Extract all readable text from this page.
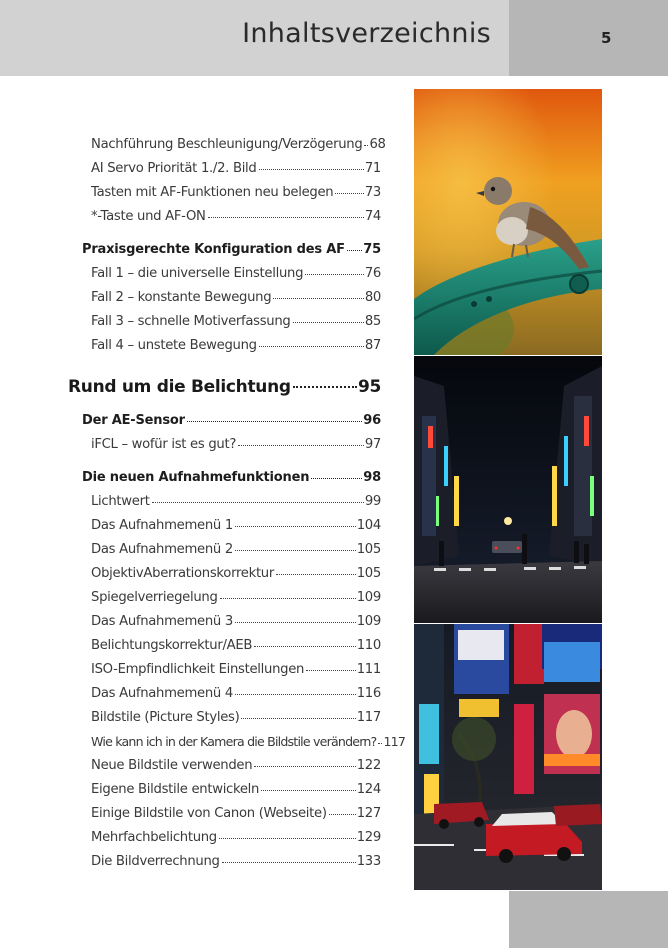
Inhaltsverzeichnis	5
Nachführung Beschleunigung/Verzögerung 68
AI Servo Priorität 1./2. Bild	71
Tasten mit AF-Funktionen neu belegen 73
*-Taste und AF-ON	74
Praxisgerechte Konfiguration des AF 75
Fall 1 – die universelle Einstellung	76
Fall 2 – konstante Bewegung	80
Fall 3 – schnelle Motiverfassung	85
Fall 4 – unstete Bewegung	87
Rund um die Belichtung	95
Der AE-Sensor	96
iFCL – wofür ist es gut?	97
Die neuen Aufnahmefunktionen	98
Lichtwert	99
Das Aufnahmemenü 1	104
Das Aufnahmemenü 2	105
ObjektivAberrationskorrektur	105
Spiegelverriegelung	109
Das Aufnahmemenü 3	109
Belichtungskorrektur/AEB	110
ISO-Empfindlichkeit Einstellungen	111
Das Aufnahmemenü 4	116
Bildstile (Picture Styles)	117
Wie kann ich in der Kamera die Bildstile verändern? 117
Neue Bildstile verwenden	122
Eigene Bildstile entwickeln	124
Einige Bildstile von Canon (Webseite) 127
Mehrfachbelichtung	129
Die Bildverrechnung	133
